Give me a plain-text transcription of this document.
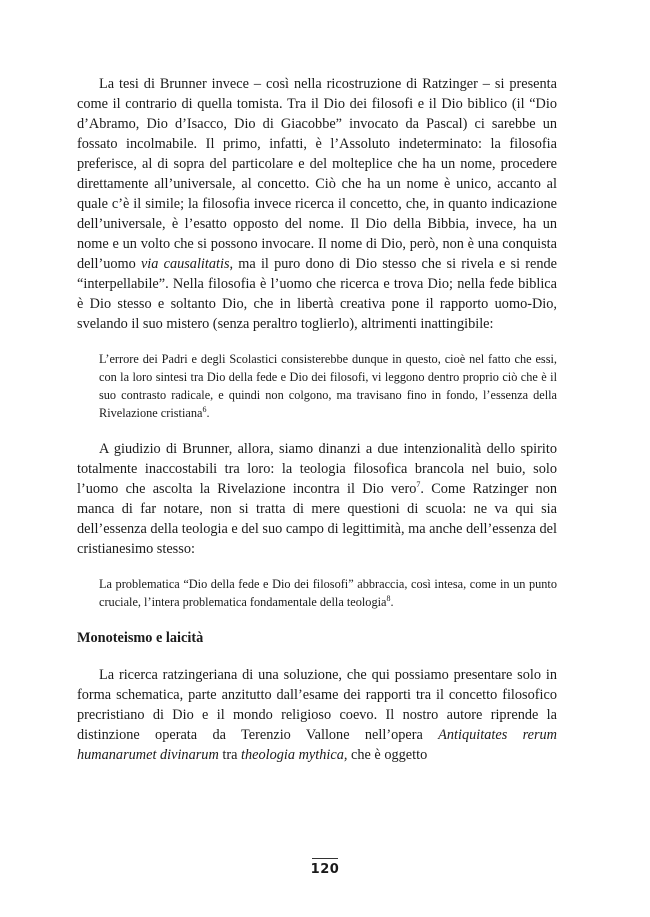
La tesi di Brunner invece – così nella ricostruzione di Ratzinger – si presenta come il contrario di quella tomista. Tra il Dio dei filosofi e il Dio biblico (il “Dio d’Abramo, Dio d’Isacco, Dio di Giacobbe” invocato da Pascal) ci sarebbe un fossato incolmabile. Il primo, infatti, è l’Assoluto indeterminato: la filosofia preferisce, al di sopra del particolare e del molteplice che ha un nome, procedere direttamente all’universale, al concetto. Ciò che ha un nome è unico, accanto al quale c’è il simile; la filosofia invece ricerca il concetto, che, in quanto indicazione dell’universale, è l’esatto opposto del nome. Il Dio della Bibbia, invece, ha un nome e un volto che si possono invocare. Il nome di Dio, però, non è una conquista dell’uomo via causalitatis, ma il puro dono di Dio stesso che si rivela e si rende “interpellabile”. Nella filosofia è l’uomo che ricerca e trova Dio; nella fede biblica è Dio stesso e soltanto Dio, che in libertà creativa pone il rapporto uomo-Dio, svelando il suo mistero (senza peraltro toglierlo), altrimenti inattingibile:

L’errore dei Padri e degli Scolastici consisterebbe dunque in questo, cioè nel fatto che essi, con la loro sintesi tra Dio della fede e Dio dei filosofi, vi leggono dentro proprio ciò che è il suo contrasto radicale, e quindi non colgono, ma travisano fino in fondo, l’essenza della Rivelazione cristiana$^6$.

A giudizio di Brunner, allora, siamo dinanzi a due intenzionalità dello spirito totalmente inaccostabili tra loro: la teologia filosofica brancola nel buio, solo l’uomo che ascolta la Rivelazione incontra il Dio vero$^7$. Come Ratzinger non manca di far notare, non si tratta di mere questioni di scuola: ne va qui sia dell’essenza della teologia e del suo campo di legittimità, ma anche dell’essenza del cristianesimo stesso:

La problematica “Dio della fede e Dio dei filosofi” abbraccia, così intesa, come in un punto cruciale, l’intera problematica fondamentale della teologia$^8$.

Monoteismo e laicità

La ricerca ratzingeriana di una soluzione, che qui possiamo presentare solo in forma schematica, parte anzitutto dall’esame dei rapporti tra il concetto filosofico precristiano di Dio e il mondo religioso coevo. Il nostro autore riprende la distinzione operata da Terenzio Vallone nell’opera Antiquitates rerum humanarumet divinarum tra theologia mythica, che è oggetto

120
